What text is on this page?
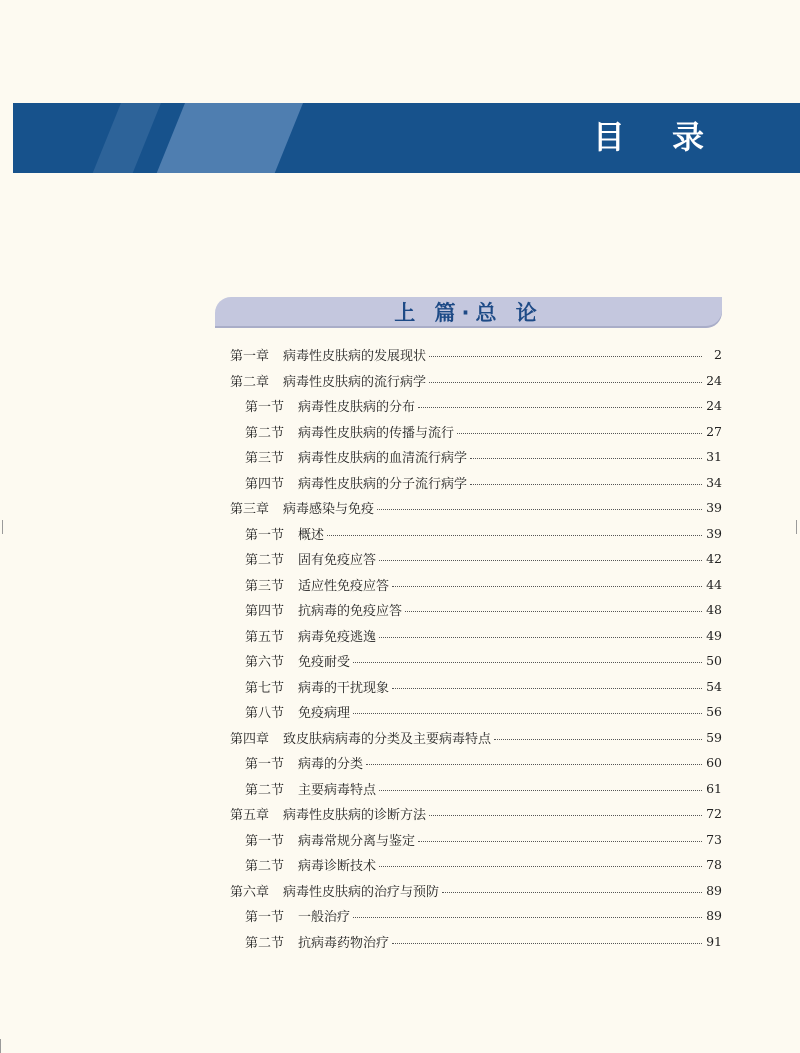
目 录
上 篇·总 论
第一章 病毒性皮肤病的发展现状	2
第二章 病毒性皮肤病的流行病学	24
第一节 病毒性皮肤病的分布	24
第二节 病毒性皮肤病的传播与流行	27
第三节 病毒性皮肤病的血清流行病学	31
第四节 病毒性皮肤病的分子流行病学	34
第三章 病毒感染与免疫	39
第一节 概述	39
第二节 固有免疫应答	42
第三节 适应性免疫应答	44
第四节 抗病毒的免疫应答	48
第五节 病毒免疫逃逸	49
第六节 免疫耐受	50
第七节 病毒的干扰现象	54
第八节 免疫病理	56
第四章 致皮肤病病毒的分类及主要病毒特点	59
第一节 病毒的分类	60
第二节 主要病毒特点	61
第五章 病毒性皮肤病的诊断方法	72
第一节 病毒常规分离与鉴定	73
第二节 病毒诊断技术	78
第六章 病毒性皮肤病的治疗与预防	89
第一节 一般治疗	89
第二节 抗病毒药物治疗	91
